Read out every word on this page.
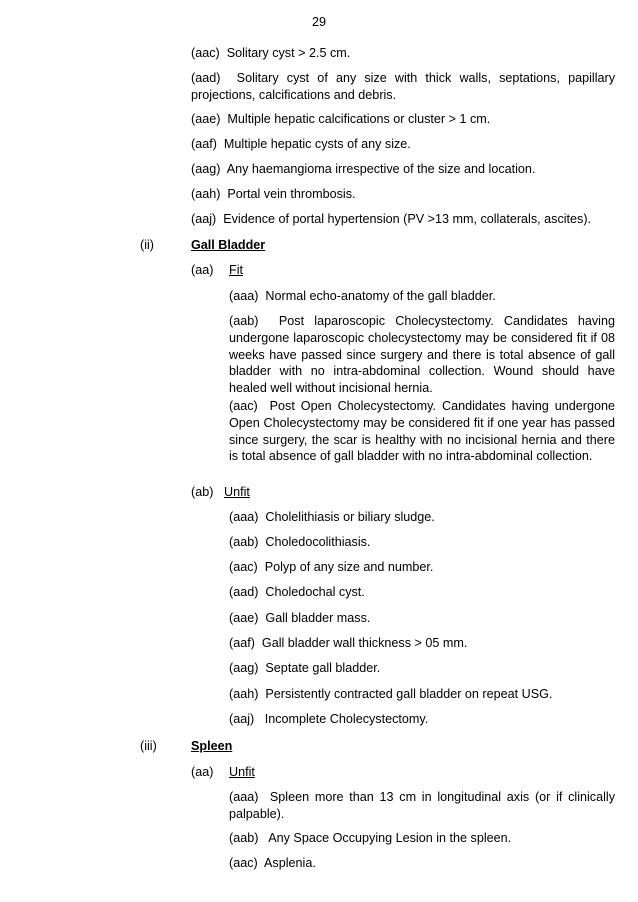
29
(aac) Solitary cyst > 2.5 cm.
(aad) Solitary cyst of any size with thick walls, septations, papillary projections, calcifications and debris.
(aae) Multiple hepatic calcifications or cluster > 1 cm.
(aaf) Multiple hepatic cysts of any size.
(aag) Any haemangioma irrespective of the size and location.
(aah) Portal vein thrombosis.
(aaj) Evidence of portal hypertension (PV >13 mm, collaterals, ascites).
(ii)	Gall Bladder
(aa) Fit
(aaa) Normal echo-anatomy of the gall bladder.
(aab) Post laparoscopic Cholecystectomy. Candidates having undergone laparoscopic cholecystectomy may be considered fit if 08 weeks have passed since surgery and there is total absence of gall bladder with no intra-abdominal collection. Wound should have healed well without incisional hernia.
(aac) Post Open Cholecystectomy. Candidates having undergone Open Cholecystectomy may be considered fit if one year has passed since surgery, the scar is healthy with no incisional hernia and there is total absence of gall bladder with no intra-abdominal collection.
(ab) Unfit
(aaa) Cholelithiasis or biliary sludge.
(aab) Choledocolithiasis.
(aac) Polyp of any size and number.
(aad) Choledochal cyst.
(aae) Gall bladder mass.
(aaf) Gall bladder wall thickness > 05 mm.
(aag) Septate gall bladder.
(aah) Persistently contracted gall bladder on repeat USG.
(aaj) Incomplete Cholecystectomy.
(iii)	Spleen
(aa) Unfit
(aaa) Spleen more than 13 cm in longitudinal axis (or if clinically palpable).
(aab) Any Space Occupying Lesion in the spleen.
(aac) Asplenia.
